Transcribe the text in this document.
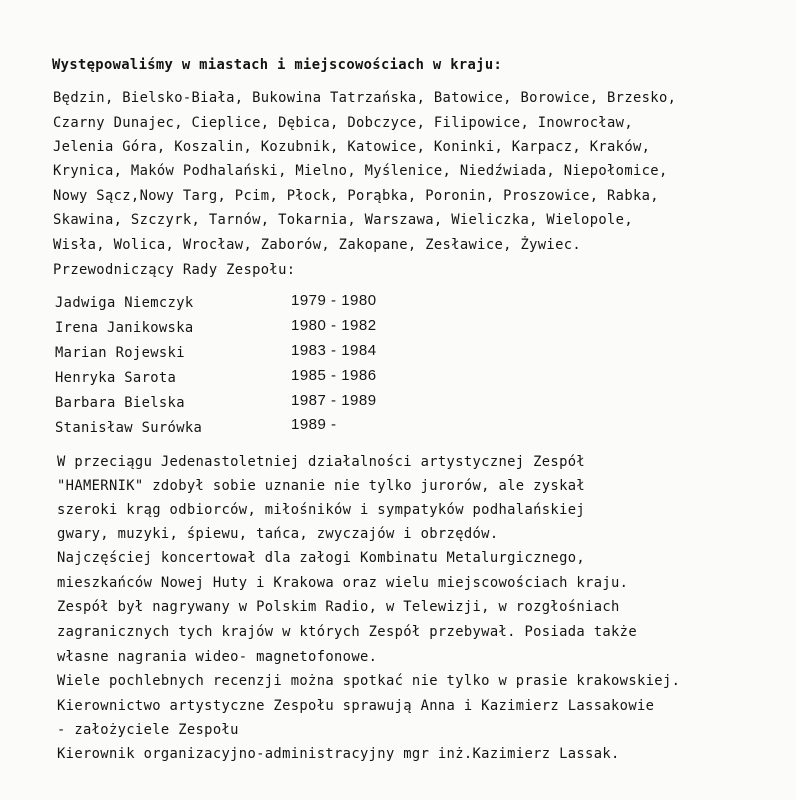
Występowaliśmy w miastach i miejscowościach w kraju:
Będzin, Bielsko-Biała, Bukowina Tatrzańska, Batowice, Borowice, Brzesko,
Czarny Dunajec, Cieplice, Dębica, Dobczyce, Filipowice, Inowrocław,
Jelenia Góra, Koszalin, Kozubnik, Katowice, Koninki, Karpacz, Kraków,
Krynica, Maków Podhalański, Mielno, Myślenice, Niedźwiada, Niepołomice,
Nowy Sącz,Nowy Targ, Pcim, Płock, Porąbka, Poronin, Proszowice, Rabka,
Skawina, Szczyrk, Tarnów, Tokarnia, Warszawa, Wieliczka, Wielopole,
Wisła, Wolica, Wrocław, Zaborów, Zakopane, Zesławice, Żywiec.
Przewodniczący Rady Zespołu:
Jadwiga Niemczyk	1979 - 1980
Irena Janikowska	1980 - 1982
Marian Rojewski	1983 - 1984
Henryka Sarota	1985 - 1986
Barbara Bielska	1987 - 1989
Stanisław Surówka	1989 -
W przeciągu Jedenastoletniej działalności artystycznej Zespół
"HAMERNIK" zdobył sobie uznanie nie tylko jurorów, ale zyskał
szeroki krąg odbiorców, miłośników i sympatyków podhalańskiej
gwary, muzyki, śpiewu, tańca, zwyczajów i obrzędów.
Najczęściej koncertował dla załogi Kombinatu Metalurgicznego,
mieszkańców Nowej Huty i Krakowa oraz wielu miejscowościach kraju.
Zespół był nagrywany w Polskim Radio, w Telewizji, w rozgłośniach
zagranicznych tych krajów w których Zespół przebywał. Posiada także
własne nagrania wideo- magnetofonowe.
Wiele pochlebnych recenzji można spotkać nie tylko w prasie krakowskiej.
Kierownictwo artystyczne Zespołu sprawują Anna i Kazimierz Lassakowie
- założyciele Zespołu
Kierownik organizacyjno-administracyjny mgr inż.Kazimierz Lassak.
